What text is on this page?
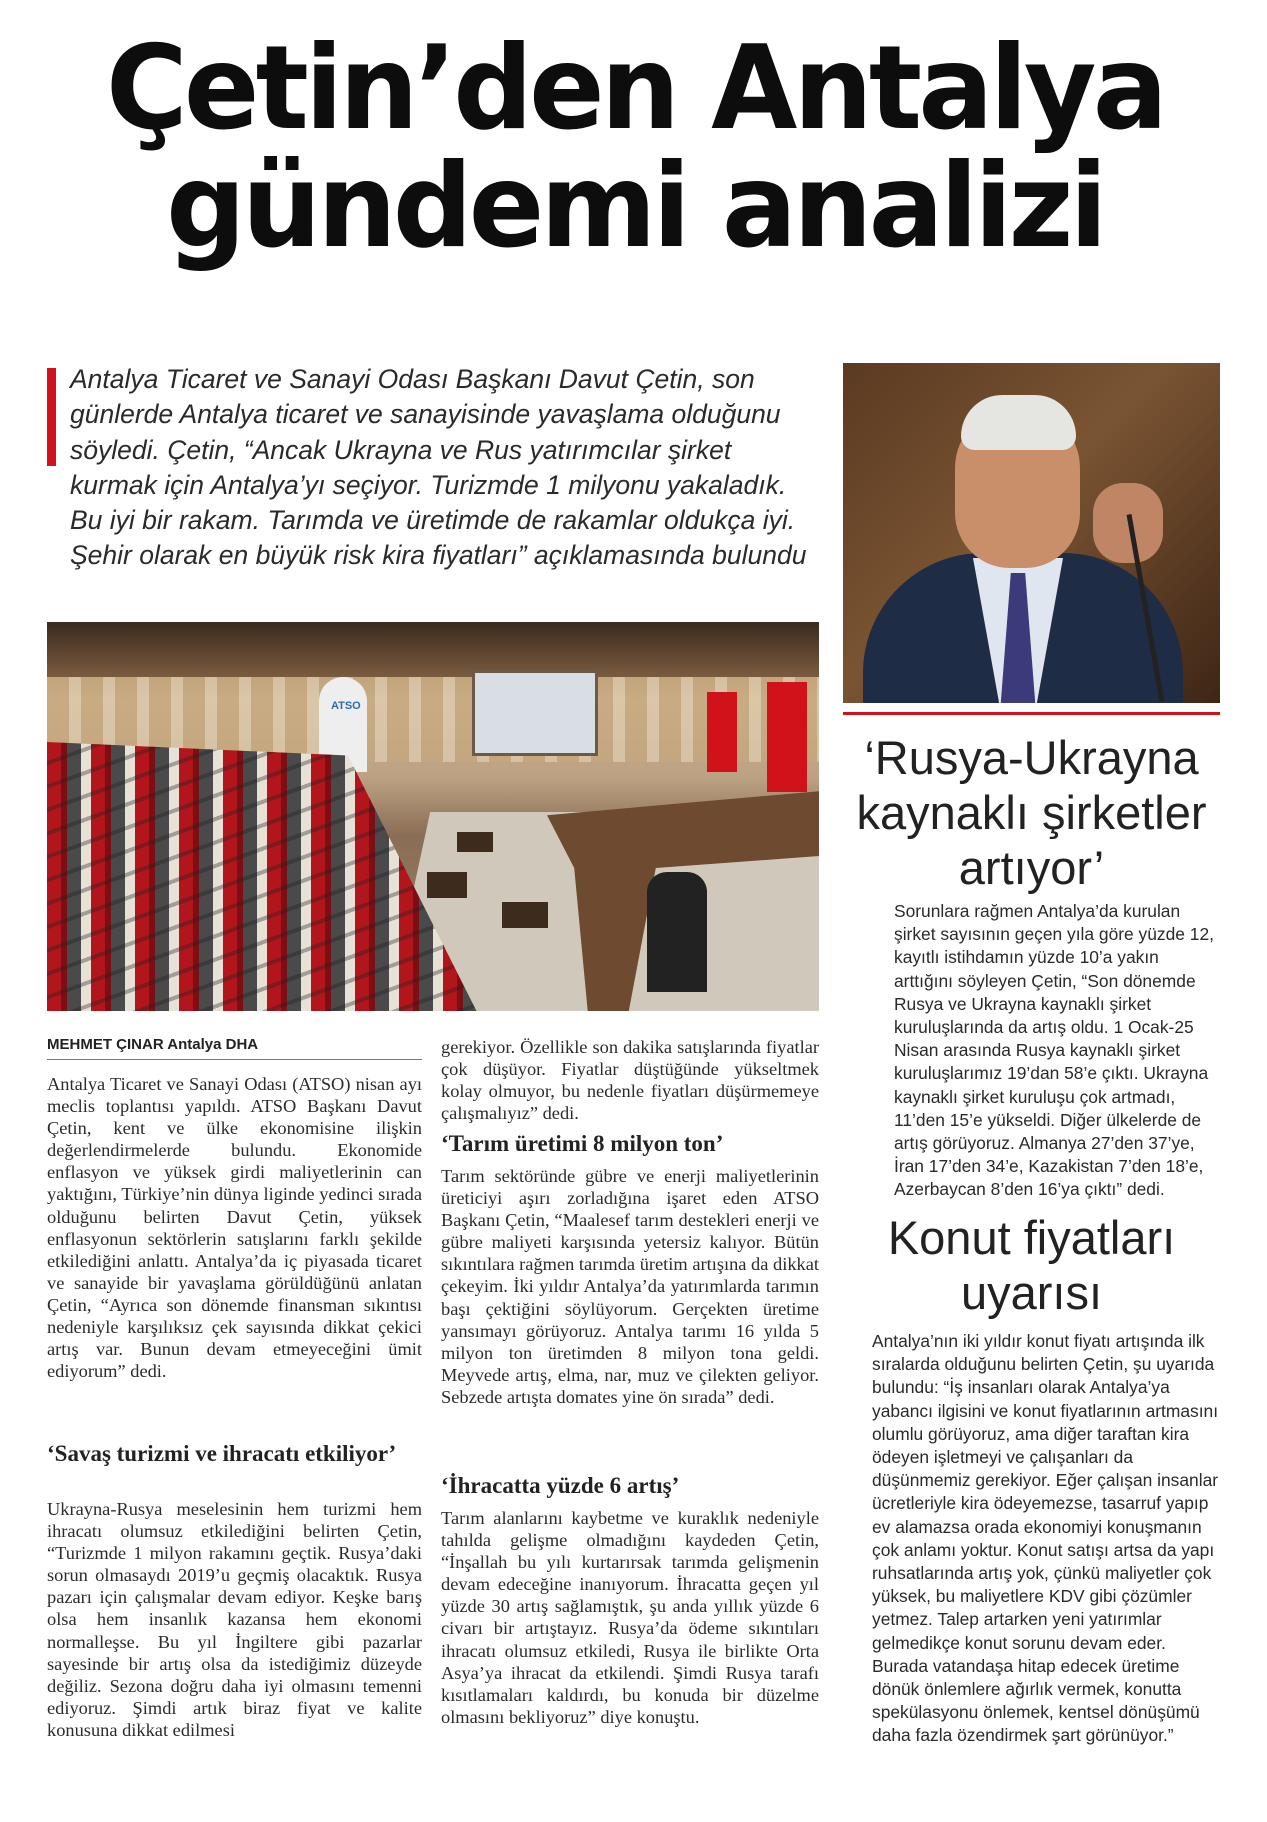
Çetin’den Antalya gündemi analizi

Antalya Ticaret ve Sanayi Odası Başkanı Davut Çetin, son günlerde Antalya ticaret ve sanayisinde yavaşlama olduğunu söyledi. Çetin, “Ancak Ukrayna ve Rus yatırımcılar şirket kurmak için Antalya’yı seçiyor. Turizmde 1 milyonu yakaladık. Bu iyi bir rakam. Tarımda ve üretimde de rakamlar oldukça iyi. Şehir olarak en büyük risk kira fiyatları” açıklamasında bulundu

ATSO
‘Rusya-Ukrayna kaynaklı şirketler artıyor’

Sorunlara rağmen Antalya’da kurulan şirket sayısının geçen yıla göre yüzde 12, kayıtlı istihdamın yüzde 10’a yakın arttığını söyleyen Çetin, “Son dönemde Rusya ve Ukrayna kaynaklı şirket kuruluşlarında da artış oldu. 1 Ocak-25 Nisan arasında Rusya kaynaklı şirket kuruluşlarımız 19’dan 58’e çıktı. Ukrayna kaynaklı şirket kuruluşu çok artmadı, 11’den 15’e yükseldi. Diğer ülkelerde de artış görüyoruz. Almanya 27’den 37’ye, İran 17’den 34’e, Kazakistan 7’den 18’e, Azerbaycan 8’den 16’ya çıktı” dedi.

Konut fiyatları uyarısı

Antalya’nın iki yıldır konut fiyatı artışında ilk sıralarda olduğunu belirten Çetin, şu uyarıda bulundu: “İş insanları olarak Antalya’ya yabancı ilgisini ve konut fiyatlarının artmasını olumlu görüyoruz, ama diğer taraftan kira ödeyen işletmeyi ve çalışanları da düşünmemiz gerekiyor. Eğer çalışan insanlar ücretleriyle kira ödeyemezse, tasarruf yapıp ev alamazsa orada ekonomiyi konuşmanın çok anlamı yoktur. Konut satışı artsa da yapı ruhsatlarında artış yok, çünkü maliyetler çok yüksek, bu maliyetlere KDV gibi çözümler yetmez. Talep artarken yeni yatırımlar gelmedikçe konut sorunu devam eder. Burada vatandaşa hitap edecek üretime dönük önlemlere ağırlık vermek, konutta spekülasyonu önlemek, kentsel dönüşümü daha fazla özendirmek şart görünüyor.”

MEHMET ÇINAR Antalya DHA

Antalya Ticaret ve Sanayi Odası (ATSO) nisan ayı meclis toplantısı yapıldı. ATSO Başkanı Davut Çetin, kent ve ülke ekonomisine ilişkin değerlendirmelerde bulundu. Ekonomide enflasyon ve yüksek girdi maliyetlerinin can yaktığını, Türkiye’nin dünya liginde yedinci sırada olduğunu belirten Davut Çetin, yüksek enflasyonun sektörlerin satışlarını farklı şekilde etkilediğini anlattı. Antalya’da iç piyasada ticaret ve sanayide bir yavaşlama görüldüğünü anlatan Çetin, “Ayrıca son dönemde finansman sıkıntısı nedeniyle karşılıksız çek sayısında dikkat çekici artış var. Bunun devam etmeyeceğini ümit ediyorum” dedi.

‘Savaş turizmi ve ihracatı etkiliyor’

Ukrayna-Rusya meselesinin hem turizmi hem ihracatı olumsuz etkilediğini belirten Çetin, “Turizmde 1 milyon rakamını geçtik. Rusya’daki sorun olmasaydı 2019’u geçmiş olacaktık. Rusya pazarı için çalışmalar devam ediyor. Keşke barış olsa hem insanlık kazansa hem ekonomi normalleşse. Bu yıl İngiltere gibi pazarlar sayesinde bir artış olsa da istediğimiz düzeyde değiliz. Sezona doğru daha iyi olmasını temenni ediyoruz. Şimdi artık biraz fiyat ve kalite konusuna dikkat edilmesi

gerekiyor. Özellikle son dakika satışlarında fiyatlar çok düşüyor. Fiyatlar düştüğünde yükseltmek kolay olmuyor, bu nedenle fiyatları düşürmemeye çalışmalıyız” dedi.

‘Tarım üretimi 8 milyon ton’

Tarım sektöründe gübre ve enerji maliyetlerinin üreticiyi aşırı zorladığına işaret eden ATSO Başkanı Çetin, “Maalesef tarım destekleri enerji ve gübre maliyeti karşısında yetersiz kalıyor. Bütün sıkıntılara rağmen tarımda üretim artışına da dikkat çekeyim. İki yıldır Antalya’da yatırımlarda tarımın başı çektiğini söylüyorum. Gerçekten üretime yansımayı görüyoruz. Antalya tarımı 16 yılda 5 milyon ton üretimden 8 milyon tona geldi. Meyvede artış, elma, nar, muz ve çilekten geliyor. Sebzede artışta domates yine ön sırada” dedi.

‘İhracatta yüzde 6 artış’

Tarım alanlarını kaybetme ve kuraklık nedeniyle tahılda gelişme olmadığını kaydeden Çetin, “İnşallah bu yılı kurtarırsak tarımda gelişmenin devam edeceğine inanıyorum. İhracatta geçen yıl yüzde 30 artış sağlamıştık, şu anda yıllık yüzde 6 civarı bir artıştayız. Rusya’da ödeme sıkıntıları ihracatı olumsuz etkiledi, Rusya ile birlikte Orta Asya’ya ihracat da etkilendi. Şimdi Rusya tarafı kısıtlamaları kaldırdı, bu konuda bir düzelme olmasını bekliyoruz” diye konuştu.
